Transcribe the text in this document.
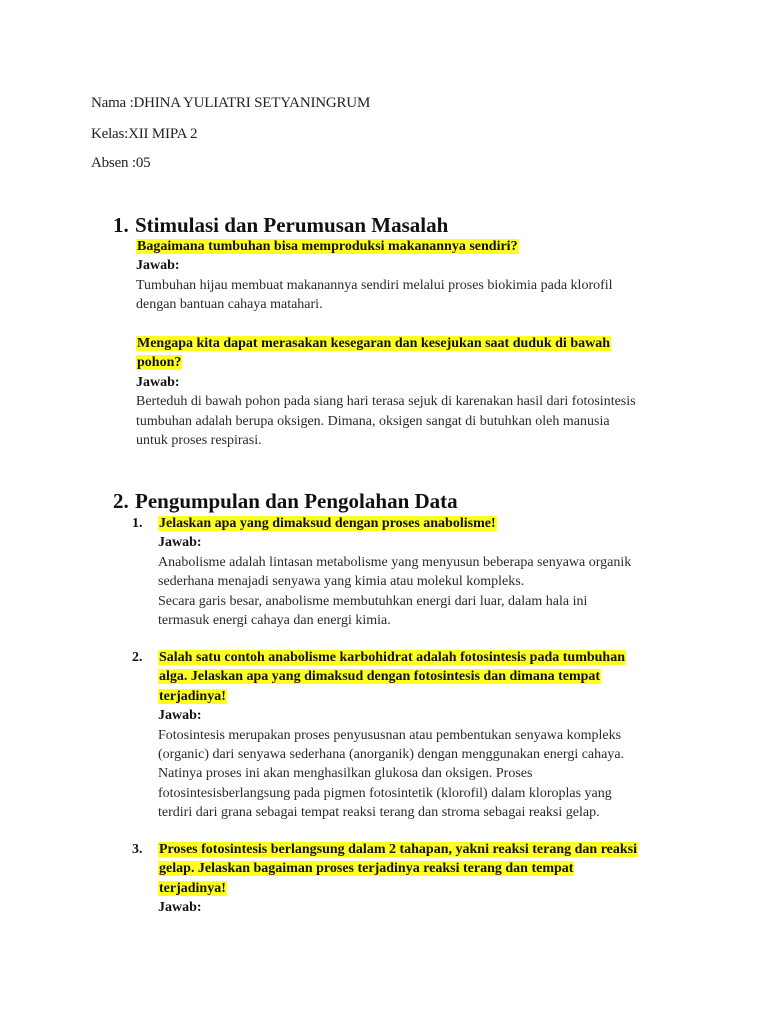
Nama :DHINA YULIATRI SETYANINGRUM
Kelas:XII MIPA 2
Absen :05
1. Stimulasi dan Perumusan Masalah
Bagaimana tumbuhan bisa memproduksi makanannya sendiri?
Jawab:
Tumbuhan hijau membuat makanannya sendiri melalui proses biokimia pada klorofil
dengan bantuan cahaya matahari.
Mengapa kita dapat merasakan kesegaran dan kesejukan saat duduk di bawah
pohon?
Jawab:
Berteduh di bawah pohon pada siang hari terasa sejuk di karenakan hasil dari fotosintesis
tumbuhan adalah berupa oksigen. Dimana, oksigen sangat di butuhkan oleh manusia
untuk proses respirasi.
2. Pengumpulan dan Pengolahan Data
1. Jelaskan apa yang dimaksud dengan proses anabolisme!
Jawab:
Anabolisme adalah lintasan metabolisme yang menyusun beberapa senyawa organik
sederhana menajadi senyawa yang kimia atau molekul kompleks.
Secara garis besar, anabolisme membutuhkan energi dari luar, dalam hala ini
termasuk energi cahaya dan energi kimia.
2. Salah satu contoh anabolisme karbohidrat adalah fotosintesis pada tumbuhan
alga. Jelaskan apa yang dimaksud dengan fotosintesis dan dimana tempat
terjadinya!
Jawab:
Fotosintesis merupakan proses penyususnan atau pembentukan senyawa kompleks
(organic) dari senyawa sederhana (anorganik) dengan menggunakan energi cahaya.
Natinya proses ini akan menghasilkan glukosa dan oksigen. Proses
fotosintesisberlangsung pada pigmen fotosintetik (klorofil) dalam kloroplas yang
terdiri dari grana sebagai tempat reaksi terang dan stroma sebagai reaksi gelap.
3. Proses fotosintesis berlangsung dalam 2 tahapan, yakni reaksi terang dan reaksi
gelap. Jelaskan bagaiman proses terjadinya reaksi terang dan tempat
terjadinya!
Jawab:
